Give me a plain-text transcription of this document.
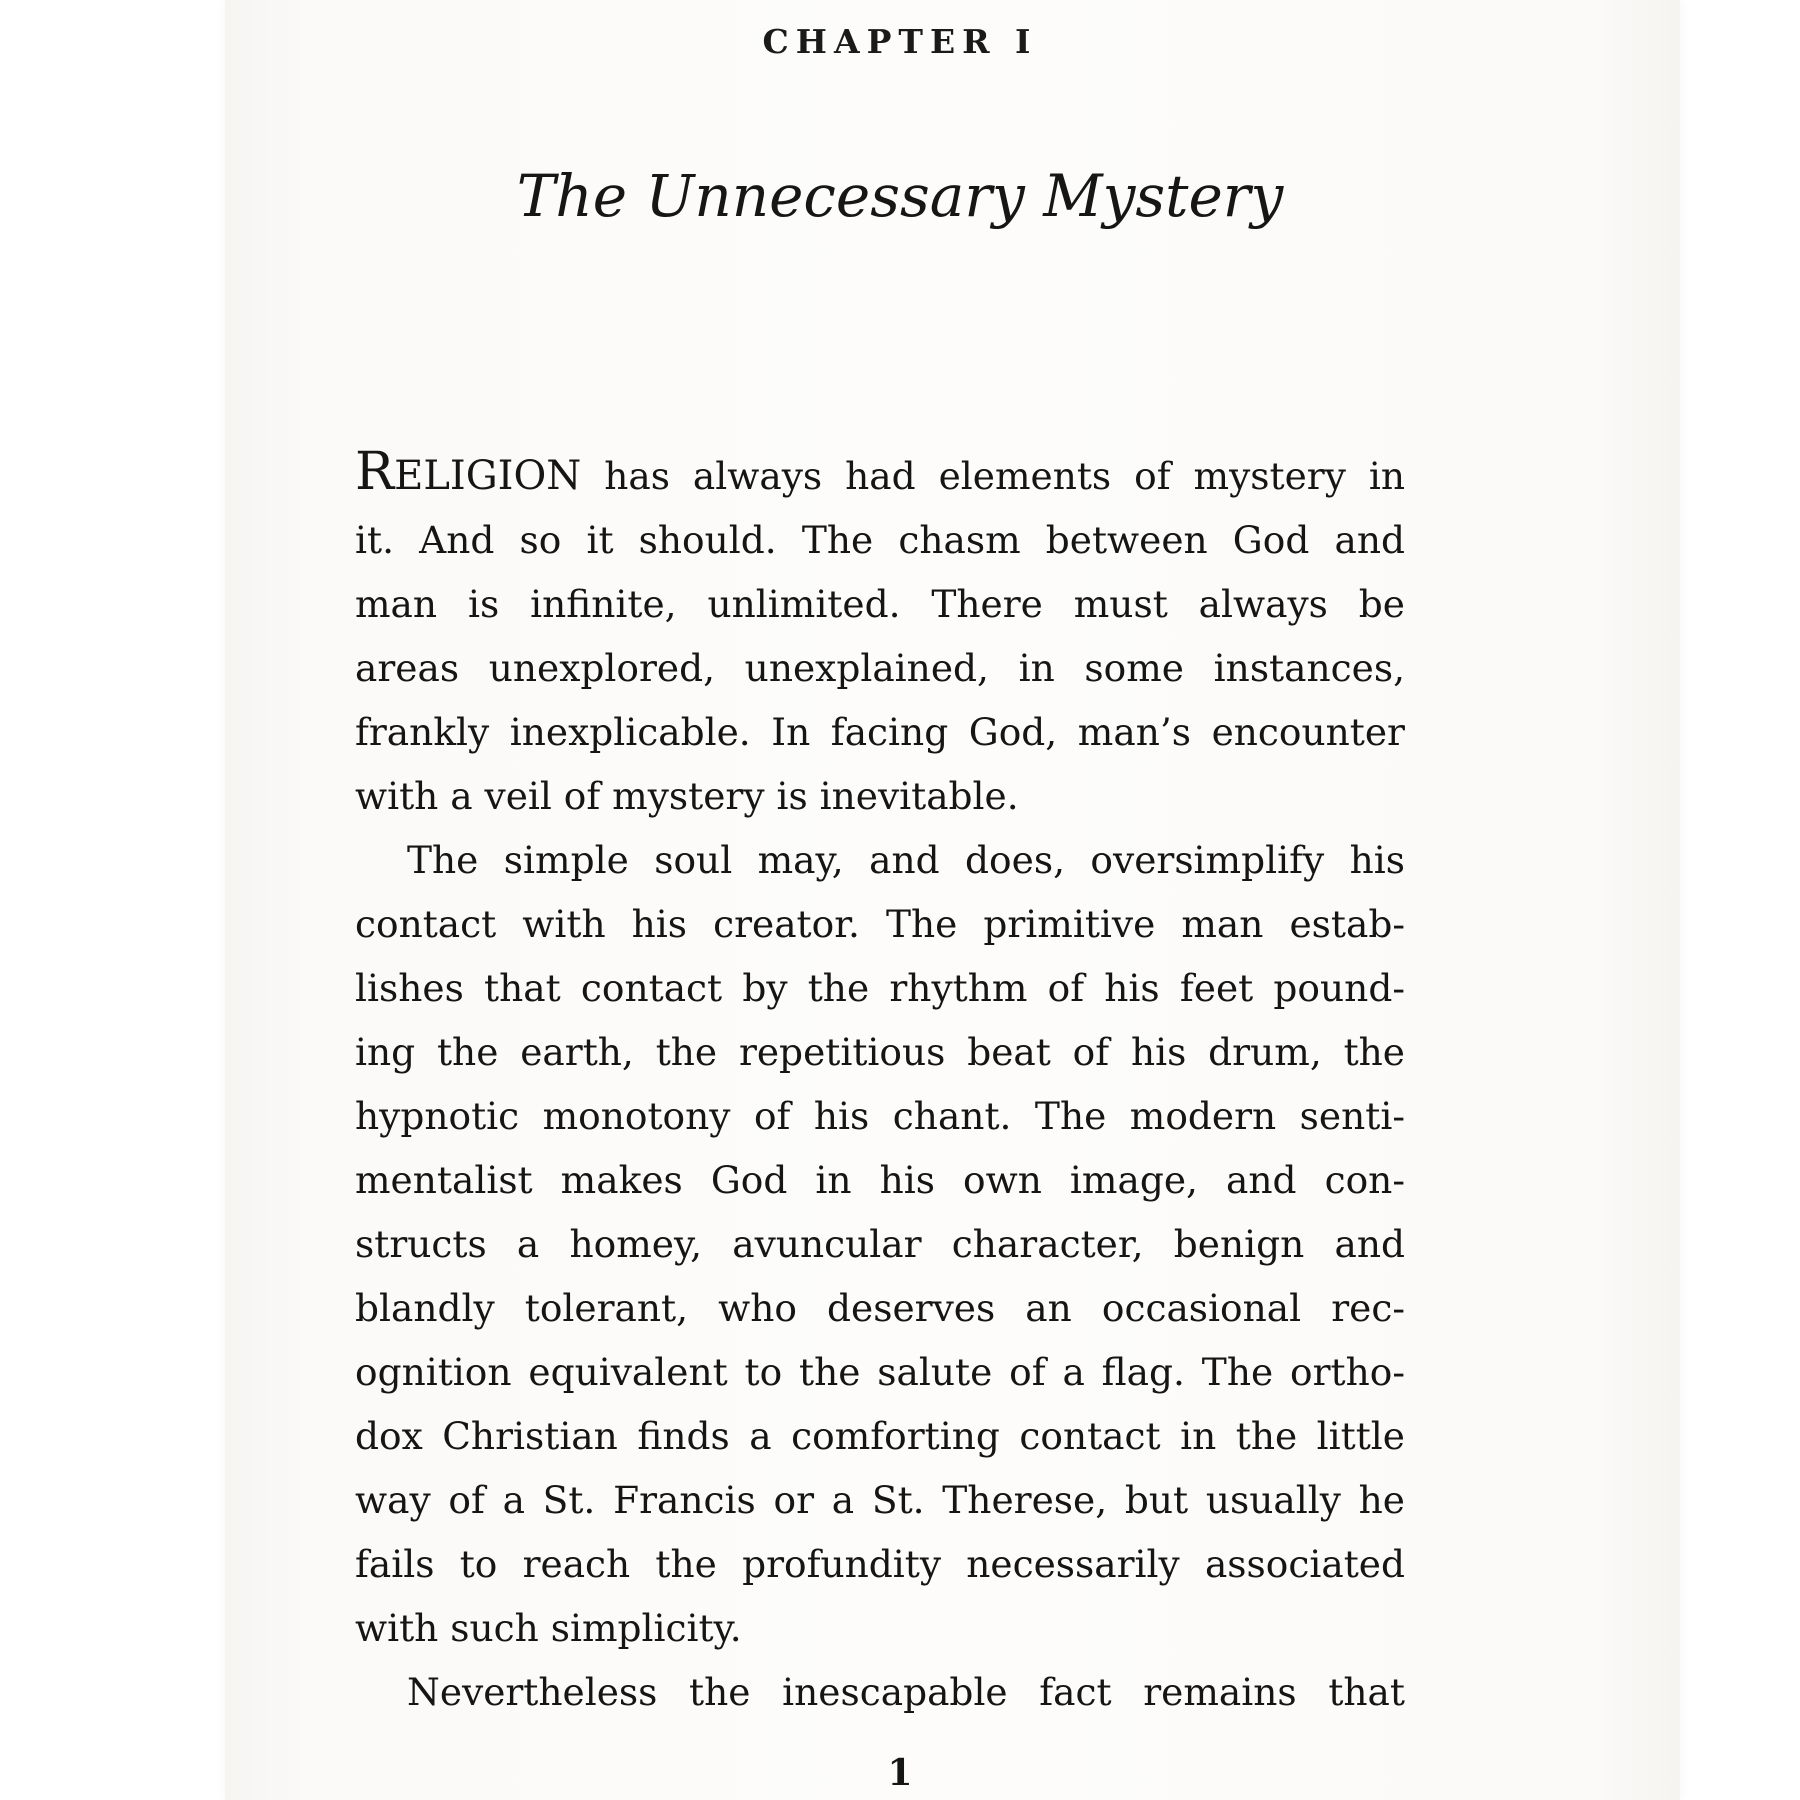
CHAPTER I
The Unnecessary Mystery
RELIGION has always had elements of mystery in
it. And so it should. The chasm between God and
man is infinite, unlimited. There must always be
areas unexplored, unexplained, in some instances,
frankly inexplicable. In facing God, man’s encounter
with a veil of mystery is inevitable.
The simple soul may, and does, oversimplify his
contact with his creator. The primitive man estab-
lishes that contact by the rhythm of his feet pound-
ing the earth, the repetitious beat of his drum, the
hypnotic monotony of his chant. The modern senti-
mentalist makes God in his own image, and con-
structs a homey, avuncular character, benign and
blandly tolerant, who deserves an occasional rec-
ognition equivalent to the salute of a flag. The ortho-
dox Christian finds a comforting contact in the little
way of a St. Francis or a St. Therese, but usually he
fails to reach the profundity necessarily associated
with such simplicity.
Nevertheless the inescapable fact remains that
1
